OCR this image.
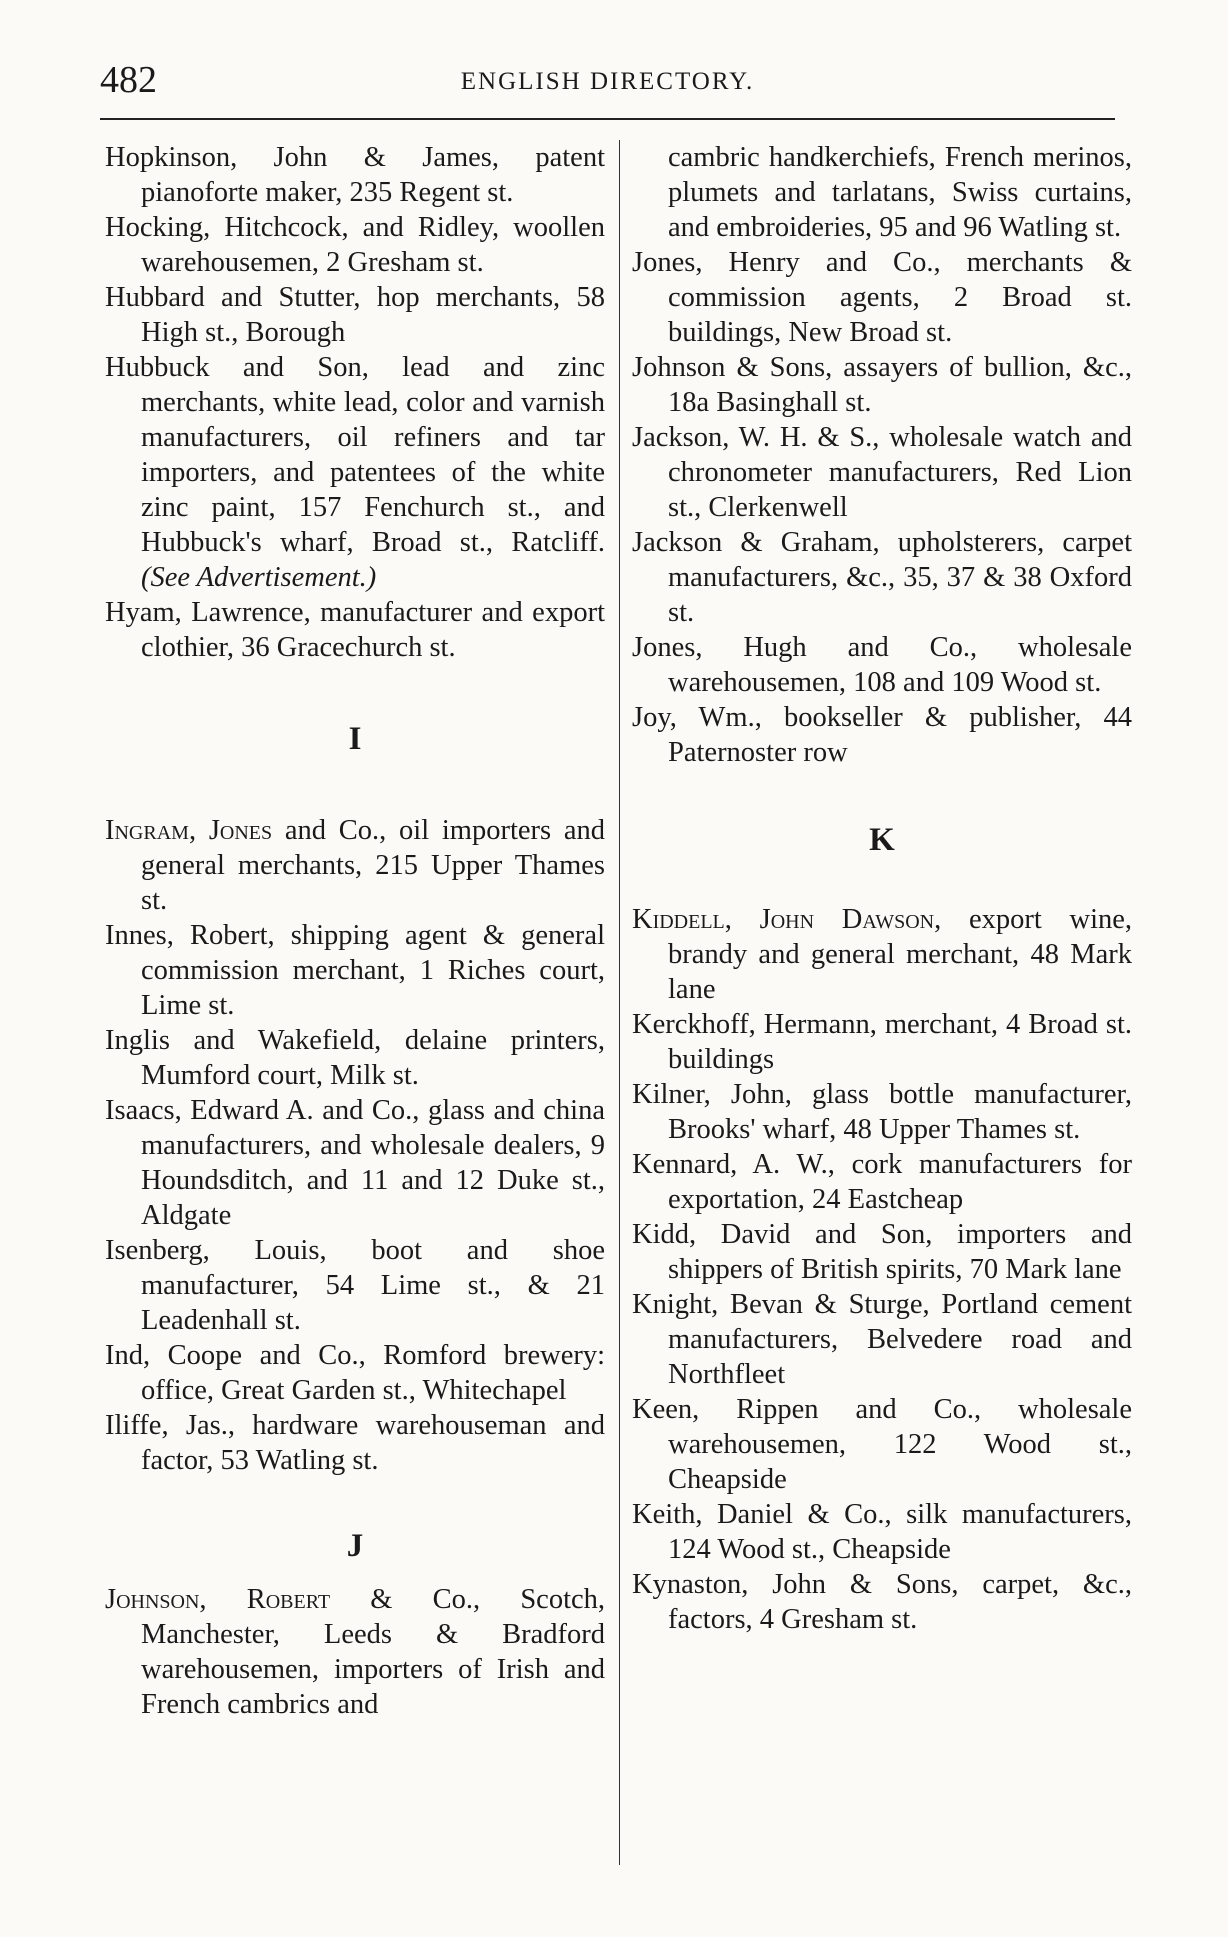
482	ENGLISH DIRECTORY.
Hopkinson, John & James, patent pianoforte maker, 235 Regent st.
Hocking, Hitchcock, and Ridley, woollen warehousemen, 2 Gresham st.
Hubbard and Stutter, hop merchants, 58 High st., Borough
Hubbuck and Son, lead and zinc merchants, white lead, color and varnish manufacturers, oil refiners and tar importers, and patentees of the white zinc paint, 157 Fenchurch st., and Hubbuck's wharf, Broad st., Ratcliff. (See Advertisement.)
Hyam, Lawrence, manufacturer and export clothier, 36 Gracechurch st.
I
Ingram, Jones and Co., oil importers and general merchants, 215 Upper Thames st.
Innes, Robert, shipping agent & general commission merchant, 1 Riches court, Lime st.
Inglis and Wakefield, delaine printers, Mumford court, Milk st.
Isaacs, Edward A. and Co., glass and china manufacturers, and wholesale dealers, 9 Houndsditch, and 11 and 12 Duke st., Aldgate
Isenberg, Louis, boot and shoe manufacturer, 54 Lime st., & 21 Leadenhall st.
Ind, Coope and Co., Romford brewery: office, Great Garden st., Whitechapel
Iliffe, Jas., hardware warehouseman and factor, 53 Watling st.
J
Johnson, Robert & Co., Scotch, Manchester, Leeds & Bradford warehousemen, importers of Irish and French cambrics and
cambric handkerchiefs, French merinos, plumets and tarlatans, Swiss curtains, and embroideries, 95 and 96 Watling st.
Jones, Henry and Co., merchants & commission agents, 2 Broad st. buildings, New Broad st.
Johnson & Sons, assayers of bullion, &c., 18a Basinghall st.
Jackson, W. H. & S., wholesale watch and chronometer manufacturers, Red Lion st., Clerkenwell
Jackson & Graham, upholsterers, carpet manufacturers, &c., 35, 37 & 38 Oxford st.
Jones, Hugh and Co., wholesale warehousemen, 108 and 109 Wood st.
Joy, Wm., bookseller & publisher, 44 Paternoster row
K
Kiddell, John Dawson, export wine, brandy and general merchant, 48 Mark lane
Kerckhoff, Hermann, merchant, 4 Broad st. buildings
Kilner, John, glass bottle manufacturer, Brooks' wharf, 48 Upper Thames st.
Kennard, A. W., cork manufacturers for exportation, 24 Eastcheap
Kidd, David and Son, importers and shippers of British spirits, 70 Mark lane
Knight, Bevan & Sturge, Portland cement manufacturers, Belvedere road and Northfleet
Keen, Rippen and Co., wholesale warehousemen, 122 Wood st., Cheapside
Keith, Daniel & Co., silk manufacturers, 124 Wood st., Cheapside
Kynaston, John & Sons, carpet, &c., factors, 4 Gresham st.
